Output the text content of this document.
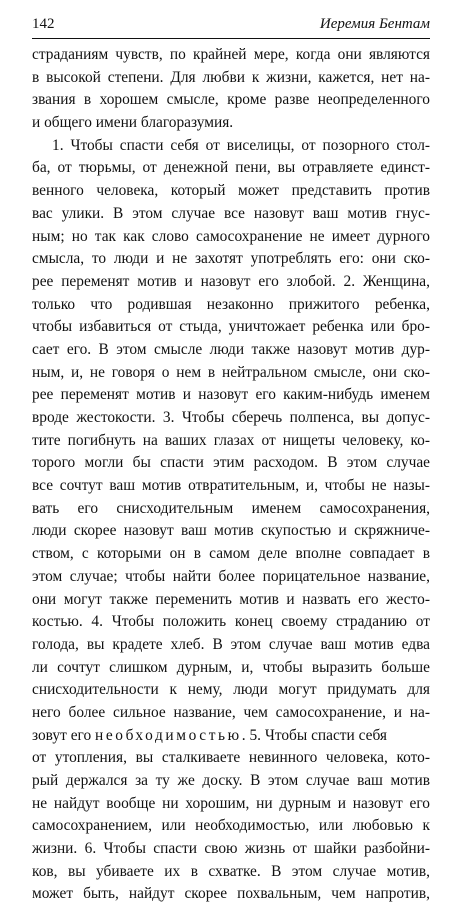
142	Иеремия Бентам
страданиям чувств, по крайней мере, когда они являются
в высокой степени. Для любви к жизни, кажется, нет на-
звания в хорошем смысле, кроме разве неопределенного
и общего имени благоразумия.
1. Чтобы спасти себя от виселицы, от позорного стол-
ба, от тюрьмы, от денежной пени, вы отравляете единст-
венного человека, который может представить против
вас улики. В этом случае все назовут ваш мотив гнус-
ным; но так как слово самосохранение не имеет дурного
смысла, то люди и не захотят употреблять его: они ско-
рее переменят мотив и назовут его злобой. 2. Женщина,
только что родившая незаконно прижитого ребенка,
чтобы избавиться от стыда, уничтожает ребенка или бро-
сает его. В этом смысле люди также назовут мотив дур-
ным, и, не говоря о нем в нейтральном смысле, они ско-
рее переменят мотив и назовут его каким-нибудь именем
вроде жестокости. 3. Чтобы сберечь полпенса, вы допус-
тите погибнуть на ваших глазах от нищеты человеку, ко-
торого могли бы спасти этим расходом. В этом случае
все сочтут ваш мотив отвратительным, и, чтобы не назы-
вать его снисходительным именем самосохранения,
люди скорее назовут ваш мотив скупостью и скряжниче-
ством, с которыми он в самом деле вполне совпадает в
этом случае; чтобы найти более порицательное название,
они могут также переменить мотив и назвать его жесто-
костью. 4. Чтобы положить конец своему страданию от
голода, вы крадете хлеб. В этом случае ваш мотив едва
ли сочтут слишком дурным, и, чтобы выразить больше
снисходительности к нему, люди могут придумать для
него более сильное название, чем самосохранение, и на-
зовут его необходимостью. 5. Чтобы спасти себя
от утопления, вы сталкиваете невинного человека, кото-
рый держался за ту же доску. В этом случае ваш мотив
не найдут вообще ни хорошим, ни дурным и назовут его
самосохранением, или необходимостью, или любовью к
жизни. 6. Чтобы спасти свою жизнь от шайки разбойни-
ков, вы убиваете их в схватке. В этом случае мотив,
может быть, найдут скорее похвальным, чем напротив,
